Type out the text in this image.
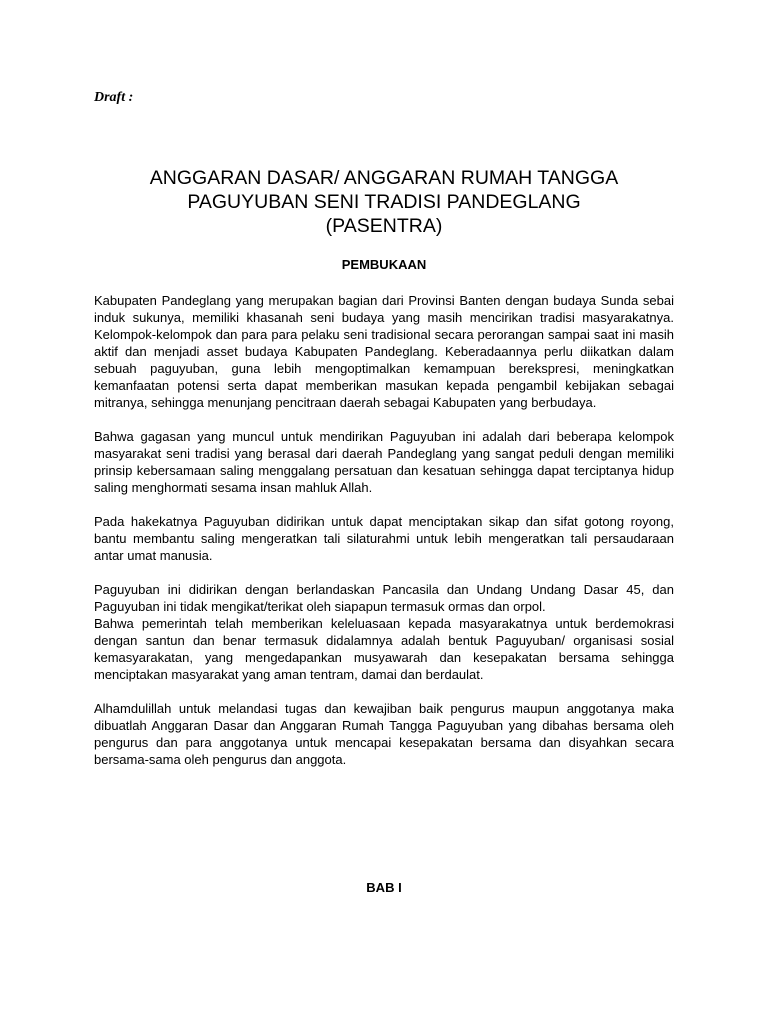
Draft :
ANGGARAN DASAR/ ANGGARAN RUMAH TANGGA
PAGUYUBAN SENI TRADISI PANDEGLANG
(PASENTRA)
PEMBUKAAN

Kabupaten Pandeglang yang merupakan bagian dari Provinsi Banten dengan budaya Sunda sebai induk sukunya, memiliki khasanah seni budaya yang masih mencirikan tradisi masyarakatnya. Kelompok-kelompok dan para para pelaku seni tradisional secara perorangan sampai saat ini masih aktif dan menjadi asset budaya Kabupaten Pandeglang. Keberadaannya perlu diikatkan dalam sebuah paguyuban, guna lebih mengoptimalkan kemampuan berekspresi, meningkatkan kemanfaatan potensi serta dapat memberikan masukan kepada pengambil kebijakan sebagai mitranya, sehingga menunjang pencitraan daerah sebagai Kabupaten yang berbudaya.

Bahwa gagasan yang muncul untuk mendirikan Paguyuban ini adalah dari beberapa kelompok masyarakat seni tradisi yang berasal dari daerah Pandeglang yang sangat peduli dengan memiliki prinsip kebersamaan saling menggalang persatuan dan kesatuan sehingga dapat terciptanya hidup saling menghormati sesama insan mahluk Allah.

Pada hakekatnya Paguyuban didirikan untuk dapat menciptakan sikap dan sifat gotong royong, bantu membantu saling mengeratkan tali silaturahmi untuk lebih mengeratkan tali persaudaraan antar umat manusia.

Paguyuban ini didirikan dengan berlandaskan Pancasila dan Undang Undang Dasar 45, dan Paguyuban ini tidak mengikat/terikat oleh siapapun termasuk ormas dan orpol.

Bahwa pemerintah telah memberikan keleluasaan kepada masyarakatnya untuk berdemokrasi dengan santun dan benar termasuk didalamnya adalah bentuk Paguyuban/ organisasi sosial kemasyarakatan, yang mengedapankan musyawarah dan kesepakatan bersama sehingga menciptakan masyarakat yang aman tentram, damai dan berdaulat.

Alhamdulillah untuk melandasi tugas dan kewajiban baik pengurus maupun anggotanya maka dibuatlah Anggaran Dasar dan Anggaran Rumah Tangga Paguyuban yang dibahas bersama oleh pengurus dan para anggotanya untuk mencapai kesepakatan bersama dan disyahkan secara bersama-sama oleh pengurus dan anggota.

BAB I
